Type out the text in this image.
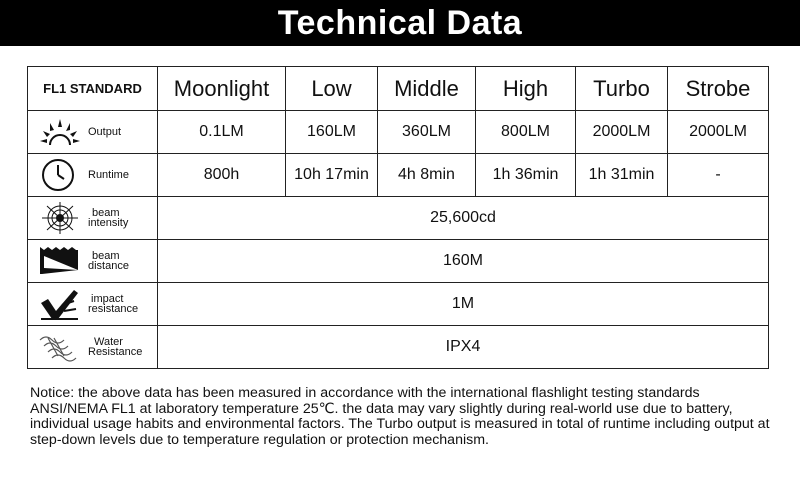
Technical Data
FL1 STANDARD	Moonlight	Low	Middle	High	Turbo	Strobe

Output	0.1LM	160LM	360LM	800LM	2000LM	2000LM

Runtime	800h	10h 17min	4h 8min	1h 36min	1h 31min	-

beam
intensity	25,600cd					

beam
distance	160M					

impact
resistance	1M					

Water
Resistance	IPX4					
Notice: the above data has been measured in accordance with the international flashlight testing standards ANSI/NEMA FL1 at laboratory temperature 25℃. the data may vary slightly during real-world use due to battery, individual usage habits and environmental factors. The Turbo output is measured in total of runtime including output at step-down levels due to temperature regulation or protection mechanism.
